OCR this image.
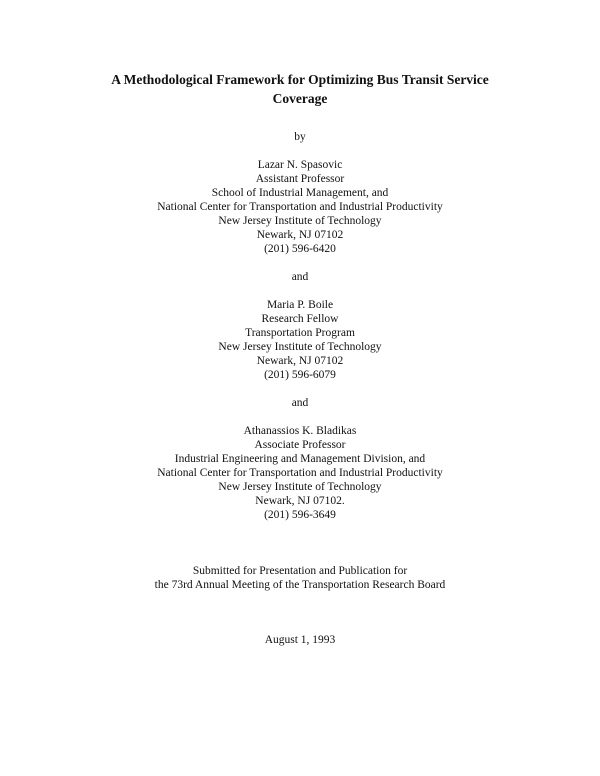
A Methodological Framework for Optimizing Bus Transit Service
Coverage
by
Lazar N. Spasovic
Assistant Professor
School of Industrial Management, and
National Center for Transportation and Industrial Productivity
New Jersey Institute of Technology
Newark, NJ 07102
(201) 596-6420
and
Maria P. Boile
Research Fellow
Transportation Program
New Jersey Institute of Technology
Newark, NJ 07102
(201) 596-6079
and
Athanassios K. Bladikas
Associate Professor
Industrial Engineering and Management Division, and
National Center for Transportation and Industrial Productivity
New Jersey Institute of Technology
Newark, NJ 07102.
(201) 596-3649
Submitted for Presentation and Publication for
the 73rd Annual Meeting of the Transportation Research Board
August 1, 1993
